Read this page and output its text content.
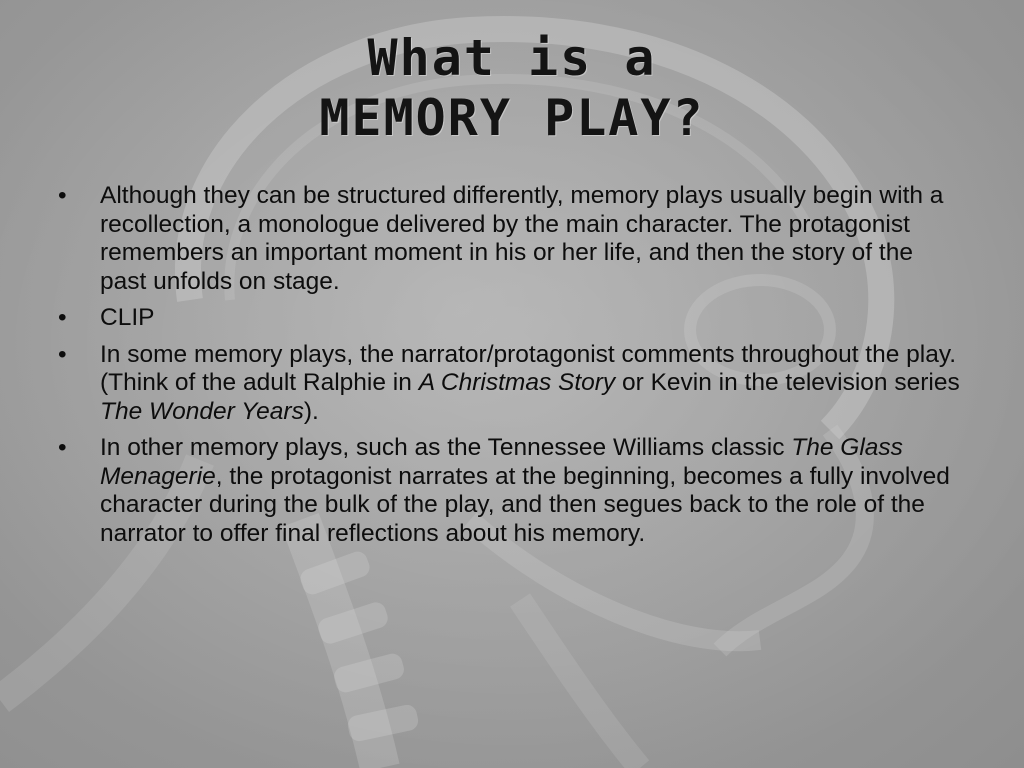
What is a
MEMORY PLAY?
• Although they can be structured differently, memory plays usually begin with a recollection, a monologue delivered by the main character. The protagonist remembers an important moment in his or her life, and then the story of the past unfolds on stage.
• CLIP
• In some memory plays, the narrator/protagonist comments throughout the play. (Think of the adult Ralphie in A Christmas Story or Kevin in the television series The Wonder Years).
• In other memory plays, such as the Tennessee Williams classic The Glass Menagerie, the protagonist narrates at the beginning, becomes a fully involved character during the bulk of the play, and then segues back to the role of the narrator to offer final reflections about his memory.
